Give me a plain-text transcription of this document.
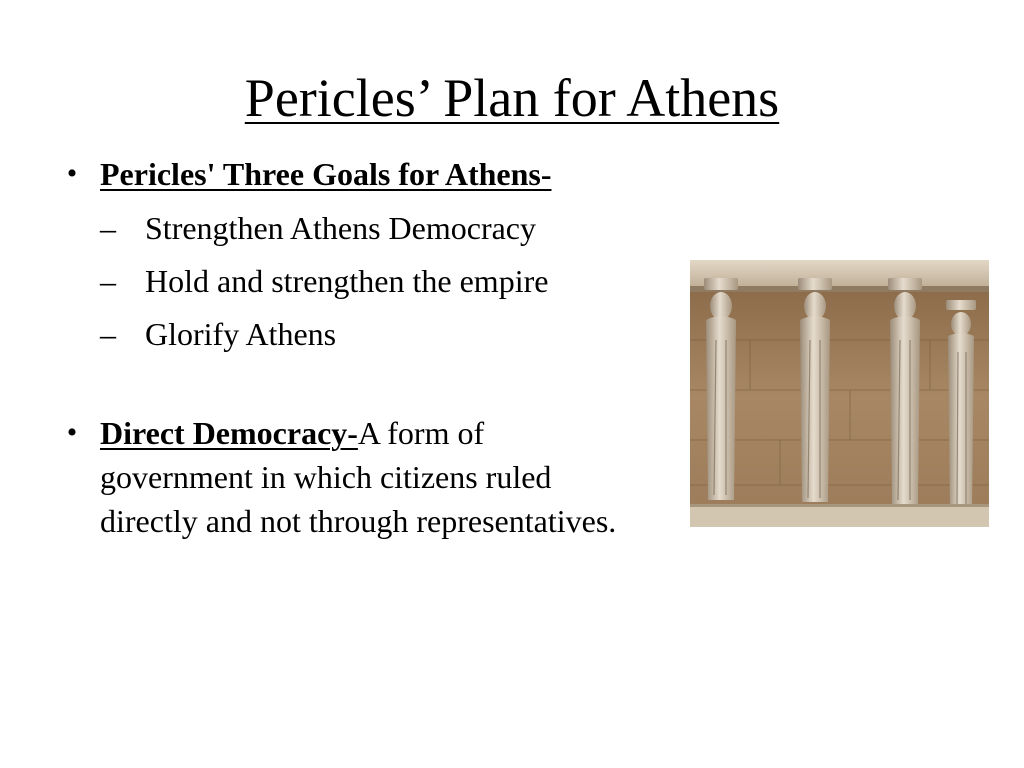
Pericles’ Plan for Athens
• Pericles' Three Goals for Athens-
– Strengthen Athens Democracy
– Hold and strengthen the empire
– Glorify Athens
• Direct Democracy-A form of government in which citizens ruled directly and not through representatives.
